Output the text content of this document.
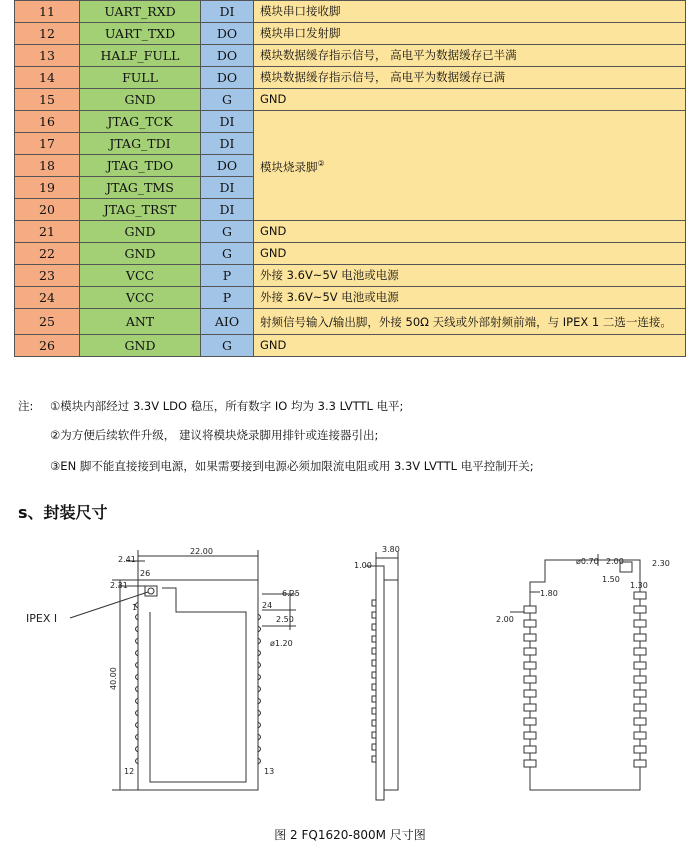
11	UART_RXD	DI	模块串口接收脚
12	UART_TXD	DO	模块串口发射脚
13	HALF_FULL	DO	模块数据缓存指示信号， 高电平为数据缓存已半满
14	FULL	DO	模块数据缓存指示信号， 高电平为数据缓存已满
15	GND	G	GND
16	JTAG_TCK	DI	模块烧录脚②
17	JTAG_TDI	DI	
18	JTAG_TDO	DO	
19	JTAG_TMS	DI	
20	JTAG_TRST	DI	
21	GND	G	GND
22	GND	G	GND
23	VCC	P	外接 3.6V~5V 电池或电源
24	VCC	P	外接 3.6V~5V 电池或电源
25	ANT	AIO	射频信号输入/输出脚，外接 50Ω 天线或外部射频前端，与 IPEX 1 二选一连接。
26	GND	G	GND
注: ①模块内部经过 3.3V LDO 稳压，所有数字 IO 均为 3.3 LVTTL 电平;
②为方便后续软件升级， 建议将模块烧录脚用排针或连接器引出;
③EN 脚不能直接接到电源，如果需要接到电源必须加限流电阻或用 3.3V LVTTL 电平控制开关;
s、封装尺寸
22.00
2.41
2.31
26
IPEX I
1
40.00
12
24
6.25
2.50
ø1.20
13
3.80
1.00	ø0.70 2.00	2.30
1.50
1.30
1.80
2.00
图 2 FQ1620-800M 尺寸图
